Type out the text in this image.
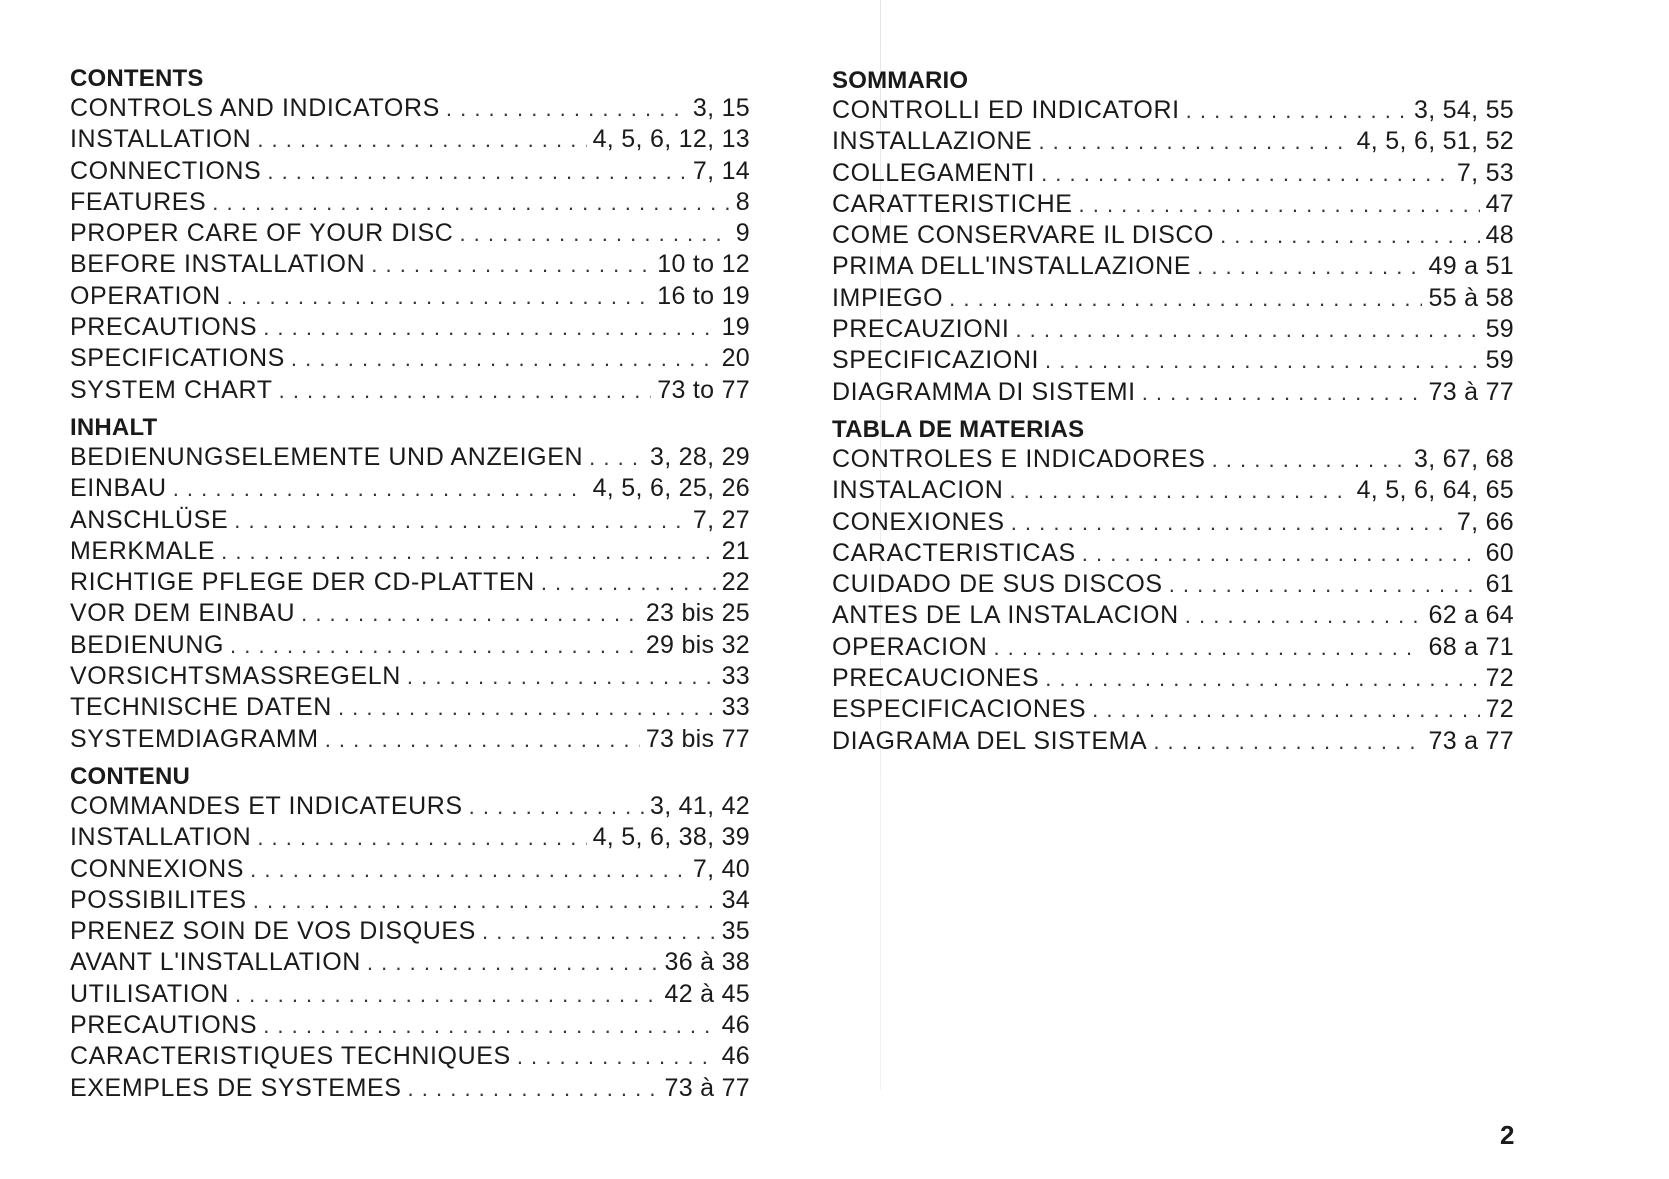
CONTENTS
CONTROLS AND INDICATORS . . .	3, 15
INSTALLATION . . .	4, 5, 6, 12, 13
CONNECTIONS . . .	7, 14
FEATURES . . .	8
PROPER CARE OF YOUR DISC . . .	9
BEFORE INSTALLATION . . .	10 to 12
OPERATION . . .	16 to 19
PRECAUTIONS . . .	19
SPECIFICATIONS . . .	20
SYSTEM CHART . . .	73 to 77
INHALT
BEDIENUNGSELEMENTE UND ANZEIGEN . . .	3, 28, 29
EINBAU . . .	4, 5, 6, 25, 26
ANSCHLÜSE . . .	7, 27
MERKMALE . . .	21
RICHTIGE PFLEGE DER CD-PLATTEN . . .	22
VOR DEM EINBAU . . .	23 bis 25
BEDIENUNG . . .	29 bis 32
VORSICHTSMASSREGELN . . .	33
TECHNISCHE DATEN . . .	33
SYSTEMDIAGRAMM . . .	73 bis 77
CONTENU
COMMANDES ET INDICATEURS . . .	3, 41, 42
INSTALLATION . . .	4, 5, 6, 38, 39
CONNEXIONS . . .	7, 40
POSSIBILITES . . .	34
PRENEZ SOIN DE VOS DISQUES . . .	35
AVANT L'INSTALLATION . . .	36 à 38
UTILISATION . . .	42 à 45
PRECAUTIONS . . .	46
CARACTERISTIQUES TECHNIQUES . . .	46
EXEMPLES DE SYSTEMES . . .	73 à 77
SOMMARIO
CONTROLLI ED INDICATORI . . .	3, 54, 55
INSTALLAZIONE . . .	4, 5, 6, 51, 52
COLLEGAMENTI . . .	7, 53
CARATTERISTICHE . . .	47
COME CONSERVARE IL DISCO . . .	48
PRIMA DELL'INSTALLAZIONE . . .	49 a 51
IMPIEGO . . .	55 à 58
PRECAUZIONI . . .	59
SPECIFICAZIONI . . .	59
DIAGRAMMA DI SISTEMI . . .	73 à 77
TABLA DE MATERIAS
CONTROLES E INDICADORES . . .	3, 67, 68
INSTALACION . . .	4, 5, 6, 64, 65
CONEXIONES . . .	7, 66
CARACTERISTICAS . . .	60
CUIDADO DE SUS DISCOS . . .	61
ANTES DE LA INSTALACION . . .	62 a 64
OPERACION . . .	68 a 71
PRECAUCIONES . . .	72
ESPECIFICACIONES . . .	72
DIAGRAMA DEL SISTEMA . . .	73 a 77
2
